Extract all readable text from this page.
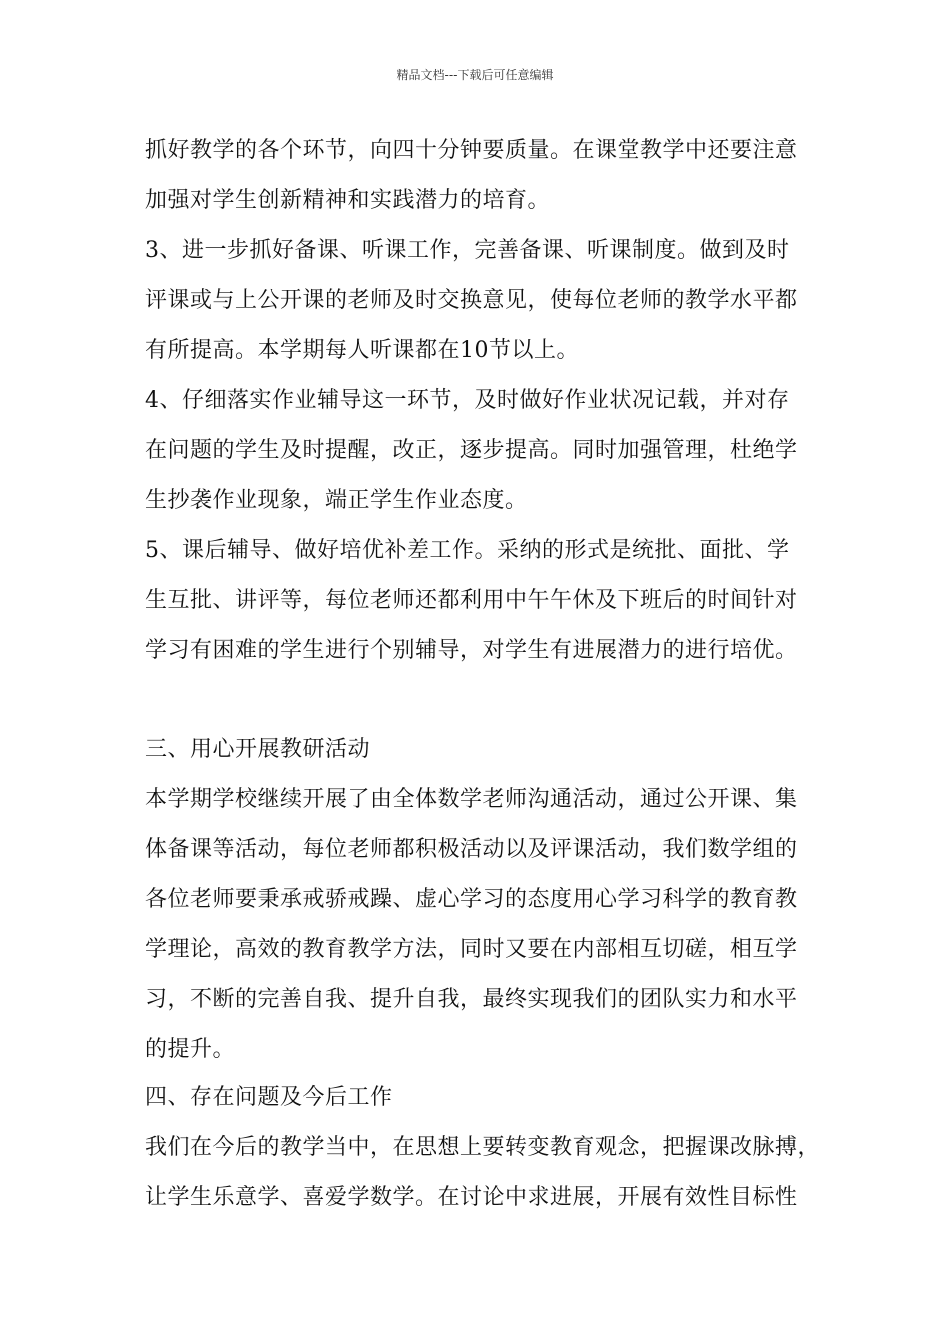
精品文档---下载后可任意编辑
抓好教学的各个环节，向四十分钟要质量。在课堂教学中还要注意
加强对学生创新精神和实践潜力的培育。
3、进一步抓好备课、听课工作，完善备课、听课制度。做到及时
评课或与上公开课的老师及时交换意见，使每位老师的教学水平都
有所提高。本学期每人听课都在10节以上。
4、仔细落实作业辅导这一环节，及时做好作业状况记载，并对存
在问题的学生及时提醒，改正，逐步提高。同时加强管理，杜绝学
生抄袭作业现象，端正学生作业态度。
5、课后辅导、做好培优补差工作。采纳的形式是统批、面批、学
生互批、讲评等，每位老师还都利用中午午休及下班后的时间针对
学习有困难的学生进行个别辅导，对学生有进展潜力的进行培优。
三、用心开展教研活动
本学期学校继续开展了由全体数学老师沟通活动，通过公开课、集
体备课等活动，每位老师都积极活动以及评课活动，我们数学组的
各位老师要秉承戒骄戒躁、虚心学习的态度用心学习科学的教育教
学理论，高效的教育教学方法，同时又要在内部相互切磋，相互学
习，不断的完善自我、提升自我，最终实现我们的团队实力和水平
的提升。
四、存在问题及今后工作
我们在今后的教学当中，在思想上要转变教育观念，把握课改脉搏，
让学生乐意学、喜爱学数学。在讨论中求进展，开展有效性目标性
